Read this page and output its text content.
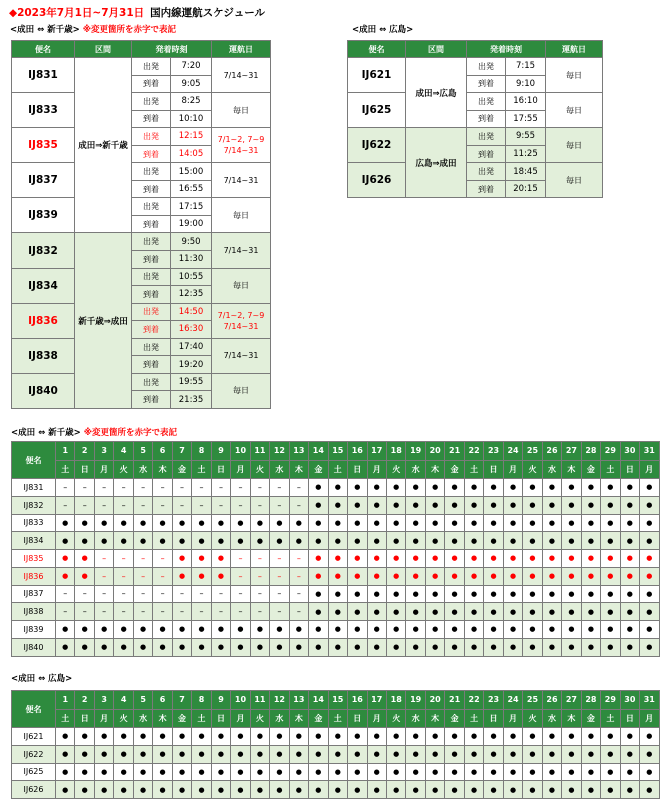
◆2023年7月1日~7月31日 国内線運航スケジュール
<成田 ⇔ 新千歳> ※変更箇所を赤字で表記
便名	区間	発着時刻	運航日
成田⇒新千歳
IJ831
出発	7:20
到着	9:05
7/14~31
IJ833
出発	8:25
到着	10:10
毎日
IJ835
出発	12:15
到着	14:05
7/1~2, 7~9
7/14~31
IJ837
出発	15:00
到着	16:55
7/14~31
IJ839
出発	17:15
到着	19:00
毎日
新千歳⇒成田
IJ832
出発	9:50
到着	11:30
7/14~31
IJ834
出発	10:55
到着	12:35
毎日
IJ836
出発	14:50
到着	16:30
7/1~2, 7~9
7/14~31
IJ838
出発	17:40
到着	19:20
7/14~31
IJ840
出発	19:55
到着	21:35
毎日
<成田 ⇔ 広島>
便名	区間	発着時刻	運航日
成田⇒広島
IJ621
出発	7:15
到着	9:10
毎日
IJ625
出発	16:10
到着	17:55
毎日
広島⇒成田
IJ622
出発	9:55
到着	11:25
毎日
IJ626
出発	18:45
到着	20:15
毎日
<成田 ⇔ 新千歳> ※変更箇所を赤字で表記
便名
1	2	3	4	5	6	7	8	9	10	11	12	13	14	15	16	17	18	19	20	21	22	23	24	25	26	27	28	29	30	31
土	日	月	火	水	木	金	土	日	月	火	水	木	金	土	日	月	火	水	木	金	土	日	月	火	水	木	金	土	日	月
IJ831	–	–	–	–	–	–	–	–	–	–	–	–	–	●	●	●	●	●	●	●	●	●	●	●	●	●	●	●	●	●	●
IJ832	–	–	–	–	–	–	–	–	–	–	–	–	–	●	●	●	●	●	●	●	●	●	●	●	●	●	●	●	●	●	●
IJ833	●	●	●	●	●	●	●	●	●	●	●	●	●	●	●	●	●	●	●	●	●	●	●	●	●	●	●	●	●	●	●
IJ834	●	●	●	●	●	●	●	●	●	●	●	●	●	●	●	●	●	●	●	●	●	●	●	●	●	●	●	●	●	●	●
IJ835	●	●	–	–	–	–	●	●	●	–	–	–	–	●	●	●	●	●	●	●	●	●	●	●	●	●	●	●	●	●	●
IJ836	●	●	–	–	–	–	●	●	●	–	–	–	–	●	●	●	●	●	●	●	●	●	●	●	●	●	●	●	●	●	●
IJ837	–	–	–	–	–	–	–	–	–	–	–	–	–	●	●	●	●	●	●	●	●	●	●	●	●	●	●	●	●	●	●
IJ838	–	–	–	–	–	–	–	–	–	–	–	–	–	●	●	●	●	●	●	●	●	●	●	●	●	●	●	●	●	●	●
IJ839	●	●	●	●	●	●	●	●	●	●	●	●	●	●	●	●	●	●	●	●	●	●	●	●	●	●	●	●	●	●	●
IJ840	●	●	●	●	●	●	●	●	●	●	●	●	●	●	●	●	●	●	●	●	●	●	●	●	●	●	●	●	●	●	●
<成田 ⇔ 広島>
便名
1	2	3	4	5	6	7	8	9	10	11	12	13	14	15	16	17	18	19	20	21	22	23	24	25	26	27	28	29	30	31
土	日	月	火	水	木	金	土	日	月	火	水	木	金	土	日	月	火	水	木	金	土	日	月	火	水	木	金	土	日	月
IJ621	●	●	●	●	●	●	●	●	●	●	●	●	●	●	●	●	●	●	●	●	●	●	●	●	●	●	●	●	●	●	●
IJ622	●	●	●	●	●	●	●	●	●	●	●	●	●	●	●	●	●	●	●	●	●	●	●	●	●	●	●	●	●	●	●
IJ625	●	●	●	●	●	●	●	●	●	●	●	●	●	●	●	●	●	●	●	●	●	●	●	●	●	●	●	●	●	●	●
IJ626	●	●	●	●	●	●	●	●	●	●	●	●	●	●	●	●	●	●	●	●	●	●	●	●	●	●	●	●	●	●	●
